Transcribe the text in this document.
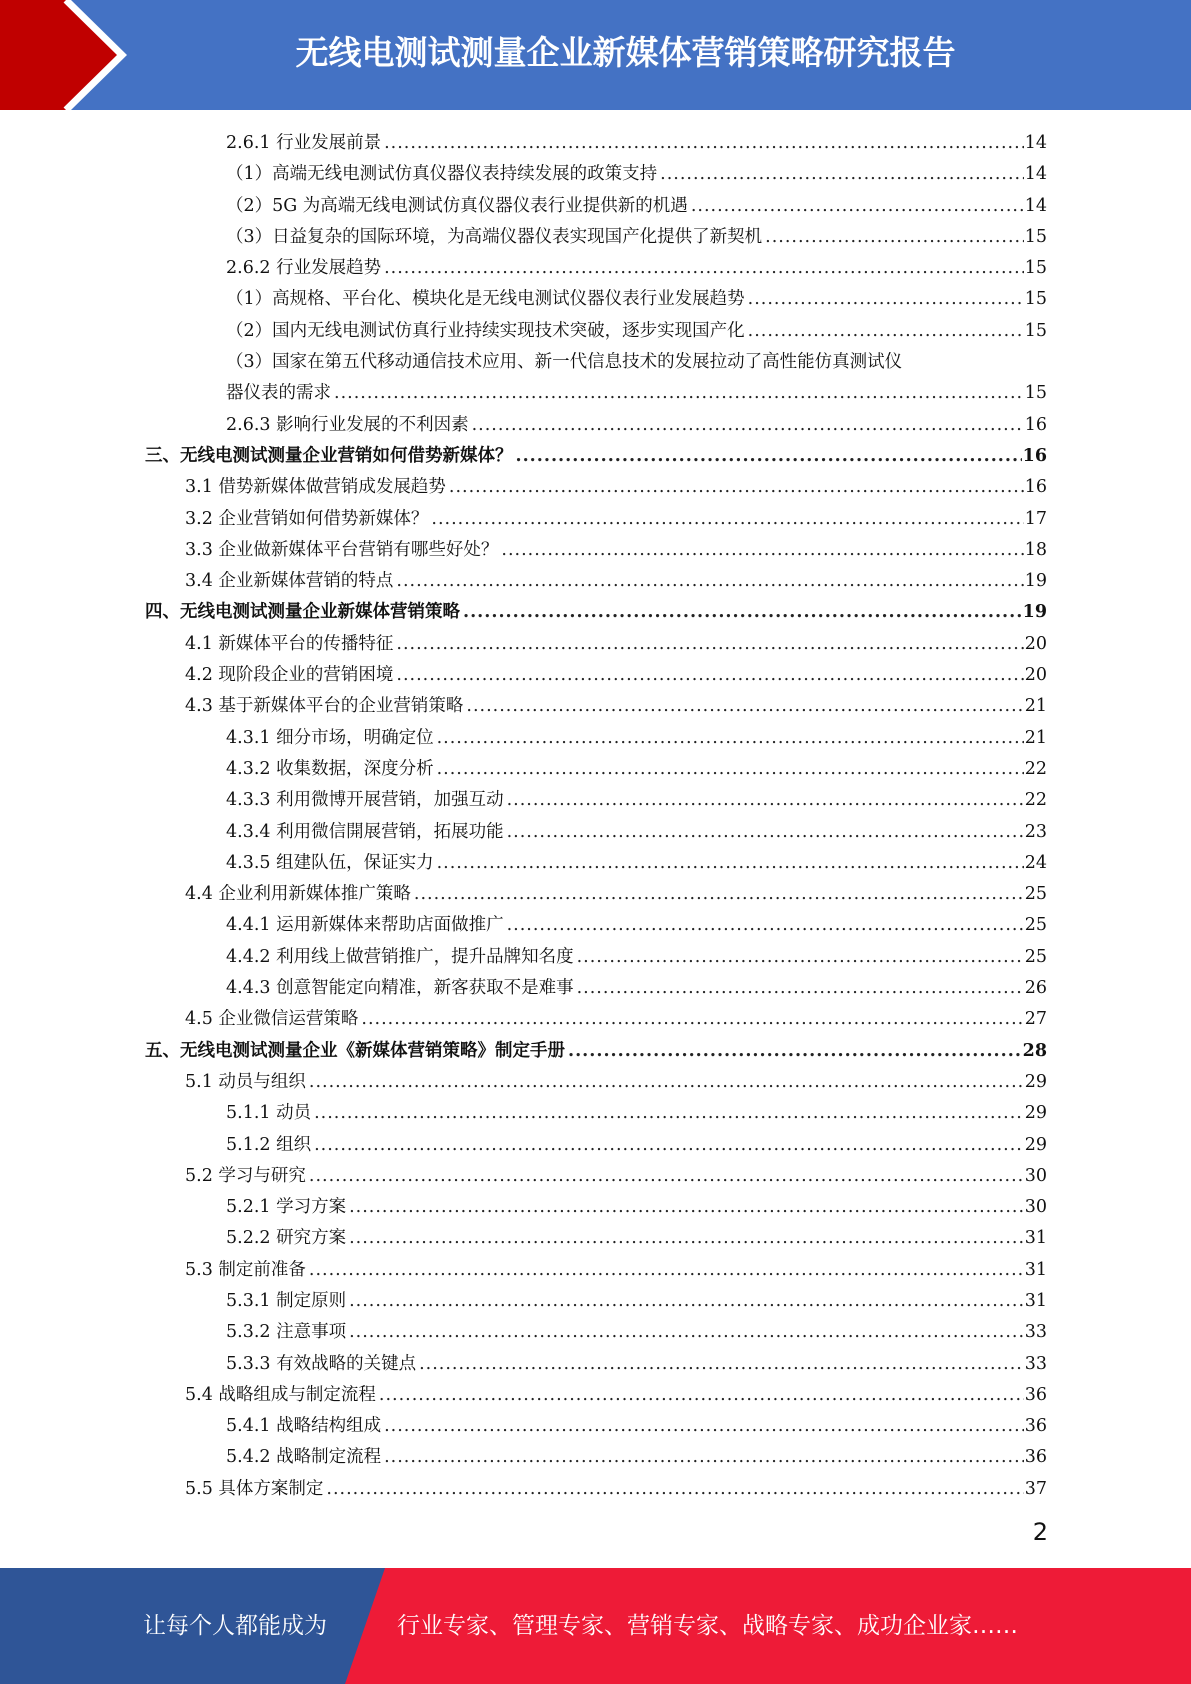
无线电测试测量企业新媒体营销策略研究报告
2.6.1 行业发展前景 .....	14
（1）高端无线电测试仿真仪器仪表持续发展的政策支持 .....	14
（2）5G 为高端无线电测试仿真仪器仪表行业提供新的机遇 .....	14
（3）日益复杂的国际环境，为高端仪器仪表实现国产化提供了新契机 .....	15
2.6.2 行业发展趋势 .....	15
（1）高规格、平台化、模块化是无线电测试仪器仪表行业发展趋势 .....	15
（2）国内无线电测试仿真行业持续实现技术突破，逐步实现国产化 .....	15
（3）国家在第五代移动通信技术应用、新一代信息技术的发展拉动了高性能仿真测试仪
器仪表的需求 .....	15
2.6.3 影响行业发展的不利因素 .....	16
三、无线电测试测量企业营销如何借势新媒体？ .....	16
3.1 借势新媒体做营销成发展趋势 .....	16
3.2 企业营销如何借势新媒体？ .....	17
3.3 企业做新媒体平台营销有哪些好处？ .....	18
3.4 企业新媒体营销的特点 .....	19
四、无线电测试测量企业新媒体营销策略 .....	19
4.1 新媒体平台的传播特征 .....	20
4.2 现阶段企业的营销困境 .....	20
4.3 基于新媒体平台的企业营销策略 .....	21
4.3.1 细分市场，明确定位 .....	21
4.3.2 收集数据，深度分析 .....	22
4.3.3 利用微博开展营销，加强互动 .....	22
4.3.4 利用微信開展营销，拓展功能 .....	23
4.3.5 组建队伍，保证实力 .....	24
4.4 企业利用新媒体推广策略 .....	25
4.4.1 运用新媒体来帮助店面做推广 .....	25
4.4.2 利用线上做营销推广，提升品牌知名度 .....	25
4.4.3 创意智能定向精准，新客获取不是难事 .....	26
4.5 企业微信运营策略 .....	27
五、无线电测试测量企业《新媒体营销策略》制定手册 .....	28
5.1 动员与组织 .....	29
5.1.1 动员 .....	29
5.1.2 组织 .....	29
5.2 学习与研究 .....	30
5.2.1 学习方案 .....	30
5.2.2 研究方案 .....	31
5.3 制定前准备 .....	31
5.3.1 制定原则 .....	31
5.3.2 注意事项 .....	33
5.3.3 有效战略的关键点 .....	33
5.4 战略组成与制定流程 .....	36
5.4.1 战略结构组成 .....	36
5.4.2 战略制定流程 .....	36
5.5 具体方案制定 .....	37
2
让每个人都能成为	行业专家、管理专家、营销专家、战略专家、成功企业家……
